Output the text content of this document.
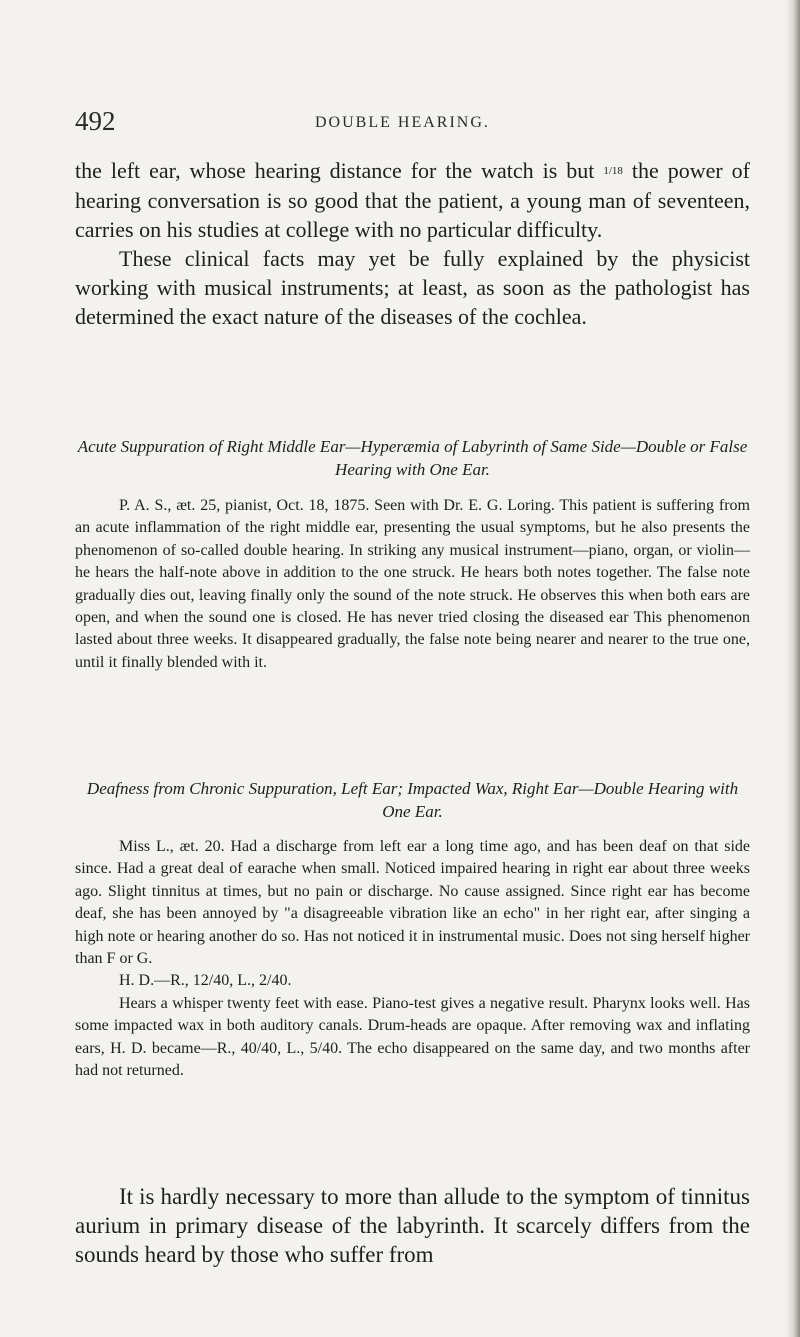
492	DOUBLE HEARING.

the left ear, whose hearing distance for the watch is but 1/18 the power of hearing conversation is so good that the patient, a young man of seventeen, carries on his studies at college with no particular difficulty.

These clinical facts may yet be fully explained by the physicist working with musical instruments; at least, as soon as the pathologist has determined the exact nature of the diseases of the cochlea.

Acute Suppuration of Right Middle Ear—Hyperæmia of Labyrinth of Same Side—Double or False Hearing with One Ear.

P. A. S., æt. 25, pianist, Oct. 18, 1875. Seen with Dr. E. G. Loring. This patient is suffering from an acute inflammation of the right middle ear, presenting the usual symptoms, but he also presents the phenomenon of so-called double hearing. In striking any musical instrument—piano, organ, or violin—he hears the half-note above in addition to the one struck. He hears both notes together. The false note gradually dies out, leaving finally only the sound of the note struck. He observes this when both ears are open, and when the sound one is closed. He has never tried closing the diseased ear This phenomenon lasted about three weeks. It disappeared gradually, the false note being nearer and nearer to the true one, until it finally blended with it.

Deafness from Chronic Suppuration, Left Ear; Impacted Wax, Right Ear—Double Hearing with One Ear.

Miss L., æt. 20. Had a discharge from left ear a long time ago, and has been deaf on that side since. Had a great deal of earache when small. Noticed impaired hearing in right ear about three weeks ago. Slight tinnitus at times, but no pain or discharge. No cause assigned. Since right ear has become deaf, she has been annoyed by "a disagreeable vibration like an echo" in her right ear, after singing a high note or hearing another do so. Has not noticed it in instrumental music. Does not sing herself higher than F or G.

H. D.—R., 12/40, L., 2/40.

Hears a whisper twenty feet with ease. Piano-test gives a negative result. Pharynx looks well. Has some impacted wax in both auditory canals. Drum-heads are opaque. After removing wax and inflating ears, H. D. became—R., 40/40, L., 5/40. The echo disappeared on the same day, and two months after had not returned.

It is hardly necessary to more than allude to the symptom of tinnitus aurium in primary disease of the labyrinth. It scarcely differs from the sounds heard by those who suffer from
